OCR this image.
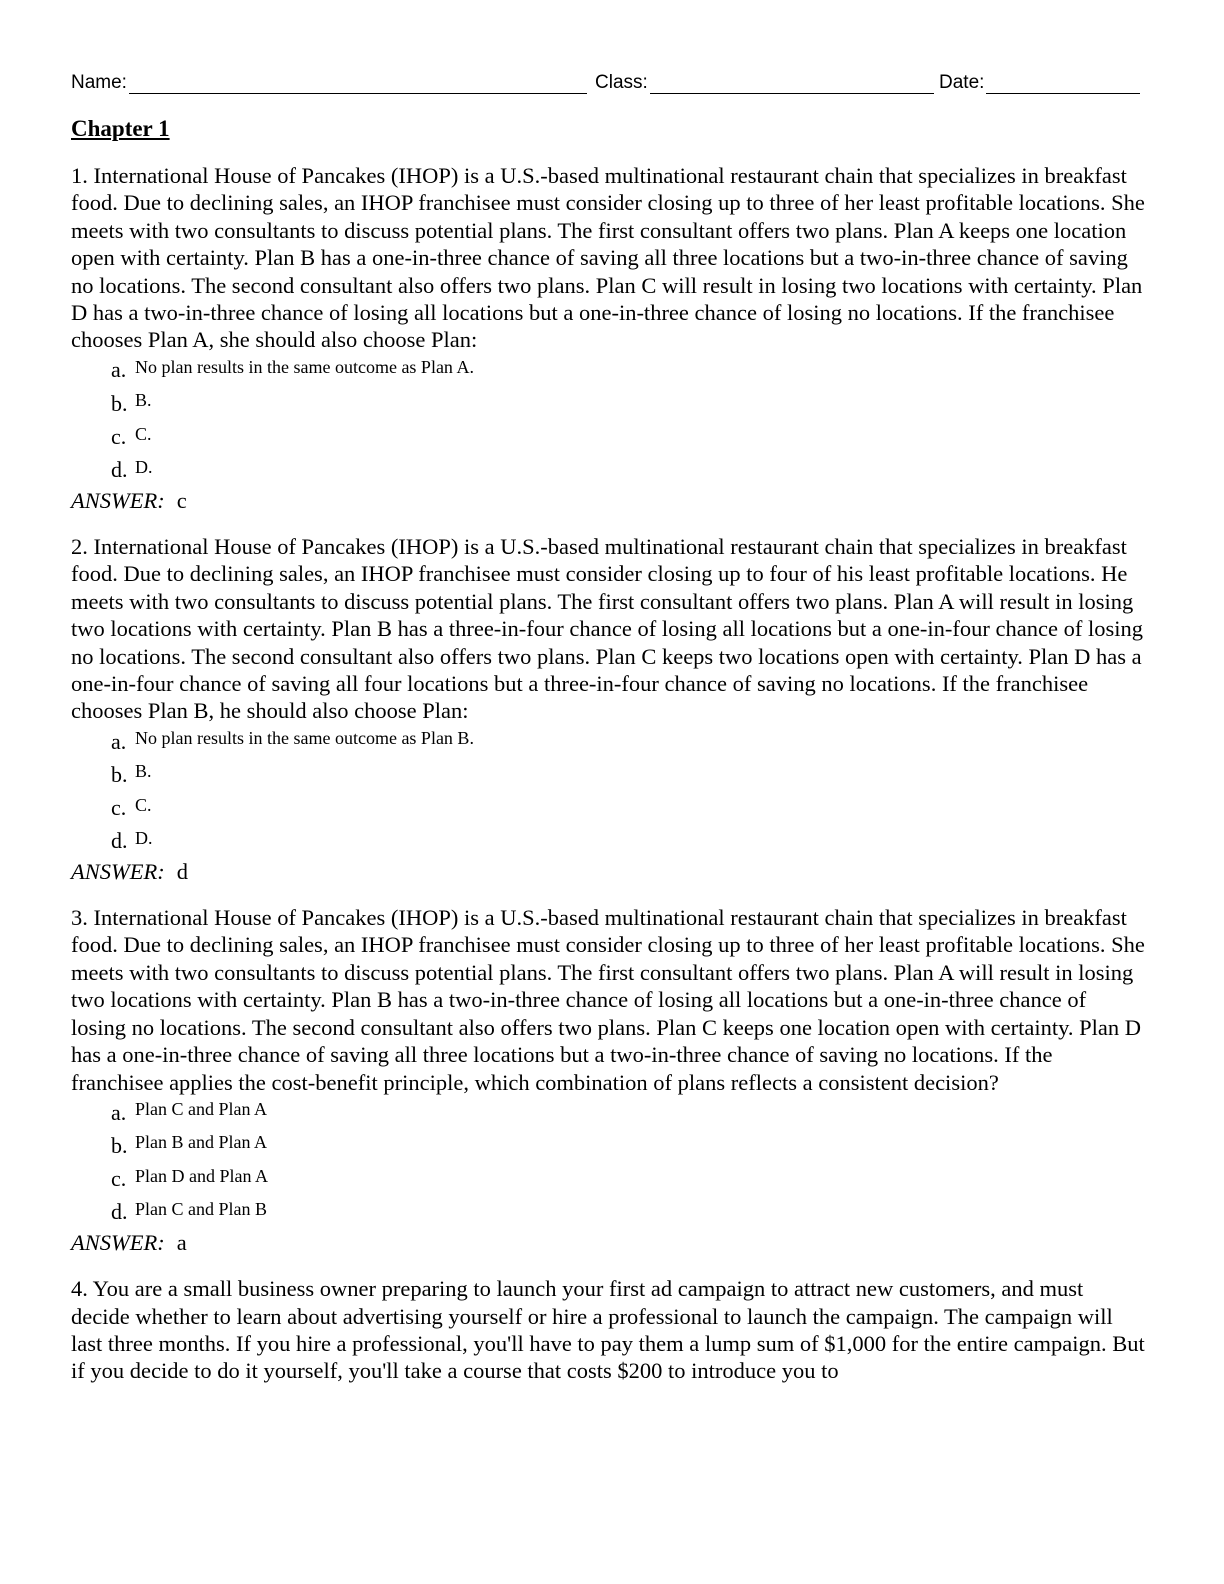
Name:	Class:	Date:
Chapter 1

1. International House of Pancakes (IHOP) is a U.S.-based multinational restaurant chain that specializes in breakfast food. Due to declining sales, an IHOP franchisee must consider closing up to three of her least profitable locations. She meets with two consultants to discuss potential plans. The first consultant offers two plans. Plan A keeps one location open with certainty. Plan B has a one-in-three chance of saving all three locations but a two-in-three chance of saving no locations. The second consultant also offers two plans. Plan C will result in losing two locations with certainty. Plan D has a two-in-three chance of losing all locations but a one-in-three chance of losing no locations. If the franchisee chooses Plan A, she should also choose Plan:

a. No plan results in the same outcome as Plan A.
b. B.
c. C.
d. D.

ANSWER: c

2. International House of Pancakes (IHOP) is a U.S.-based multinational restaurant chain that specializes in breakfast food. Due to declining sales, an IHOP franchisee must consider closing up to four of his least profitable locations. He meets with two consultants to discuss potential plans. The first consultant offers two plans. Plan A will result in losing two locations with certainty. Plan B has a three-in-four chance of losing all locations but a one-in-four chance of losing no locations. The second consultant also offers two plans. Plan C keeps two locations open with certainty. Plan D has a one-in-four chance of saving all four locations but a three-in-four chance of saving no locations. If the franchisee chooses Plan B, he should also choose Plan:

a. No plan results in the same outcome as Plan B.
b. B.
c. C.
d. D.

ANSWER: d

3. International House of Pancakes (IHOP) is a U.S.-based multinational restaurant chain that specializes in breakfast food. Due to declining sales, an IHOP franchisee must consider closing up to three of her least profitable locations. She meets with two consultants to discuss potential plans. The first consultant offers two plans. Plan A will result in losing two locations with certainty. Plan B has a two-in-three chance of losing all locations but a one-in-three chance of losing no locations. The second consultant also offers two plans. Plan C keeps one location open with certainty. Plan D has a one-in-three chance of saving all three locations but a two-in-three chance of saving no locations. If the franchisee applies the cost-benefit principle, which combination of plans reflects a consistent decision?

a. Plan C and Plan A
b. Plan B and Plan A
c. Plan D and Plan A
d. Plan C and Plan B

ANSWER: a

4. You are a small business owner preparing to launch your first ad campaign to attract new customers, and must decide whether to learn about advertising yourself or hire a professional to launch the campaign. The campaign will last three months. If you hire a professional, you'll have to pay them a lump sum of $1,000 for the entire campaign. But if you decide to do it yourself, you'll take a course that costs $200 to introduce you to
